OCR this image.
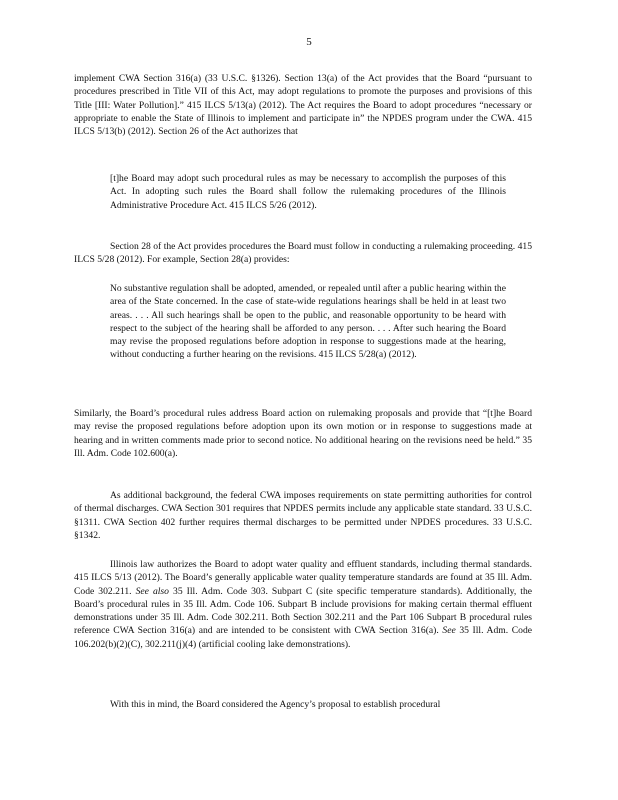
5

implement CWA Section 316(a) (33 U.S.C. §1326). Section 13(a) of the Act provides that the Board “pursuant to procedures prescribed in Title VII of this Act, may adopt regulations to promote the purposes and provisions of this Title [III: Water Pollution].” 415 ILCS 5/13(a) (2012). The Act requires the Board to adopt procedures “necessary or appropriate to enable the State of Illinois to implement and participate in” the NPDES program under the CWA. 415 ILCS 5/13(b) (2012). Section 26 of the Act authorizes that

[t]he Board may adopt such procedural rules as may be necessary to accomplish the purposes of this Act. In adopting such rules the Board shall follow the rulemaking procedures of the Illinois Administrative Procedure Act. 415 ILCS 5/26 (2012).

Section 28 of the Act provides procedures the Board must follow in conducting a rulemaking proceeding. 415 ILCS 5/28 (2012). For example, Section 28(a) provides:

No substantive regulation shall be adopted, amended, or repealed until after a public hearing within the area of the State concerned. In the case of state-wide regulations hearings shall be held in at least two areas. . . . All such hearings shall be open to the public, and reasonable opportunity to be heard with respect to the subject of the hearing shall be afforded to any person. . . . After such hearing the Board may revise the proposed regulations before adoption in response to suggestions made at the hearing, without conducting a further hearing on the revisions. 415 ILCS 5/28(a) (2012).

Similarly, the Board’s procedural rules address Board action on rulemaking proposals and provide that “[t]he Board may revise the proposed regulations before adoption upon its own motion or in response to suggestions made at hearing and in written comments made prior to second notice. No additional hearing on the revisions need be held.” 35 Ill. Adm. Code 102.600(a).

As additional background, the federal CWA imposes requirements on state permitting authorities for control of thermal discharges. CWA Section 301 requires that NPDES permits include any applicable state standard. 33 U.S.C. §1311. CWA Section 402 further requires thermal discharges to be permitted under NPDES procedures. 33 U.S.C. §1342.

Illinois law authorizes the Board to adopt water quality and effluent standards, including thermal standards. 415 ILCS 5/13 (2012). The Board’s generally applicable water quality temperature standards are found at 35 Ill. Adm. Code 302.211. See also 35 Ill. Adm. Code 303. Subpart C (site specific temperature standards). Additionally, the Board’s procedural rules in 35 Ill. Adm. Code 106. Subpart B include provisions for making certain thermal effluent demonstrations under 35 Ill. Adm. Code 302.211. Both Section 302.211 and the Part 106 Subpart B procedural rules reference CWA Section 316(a) and are intended to be consistent with CWA Section 316(a). See 35 Ill. Adm. Code 106.202(b)(2)(C), 302.211(j)(4) (artificial cooling lake demonstrations).

With this in mind, the Board considered the Agency’s proposal to establish procedural
